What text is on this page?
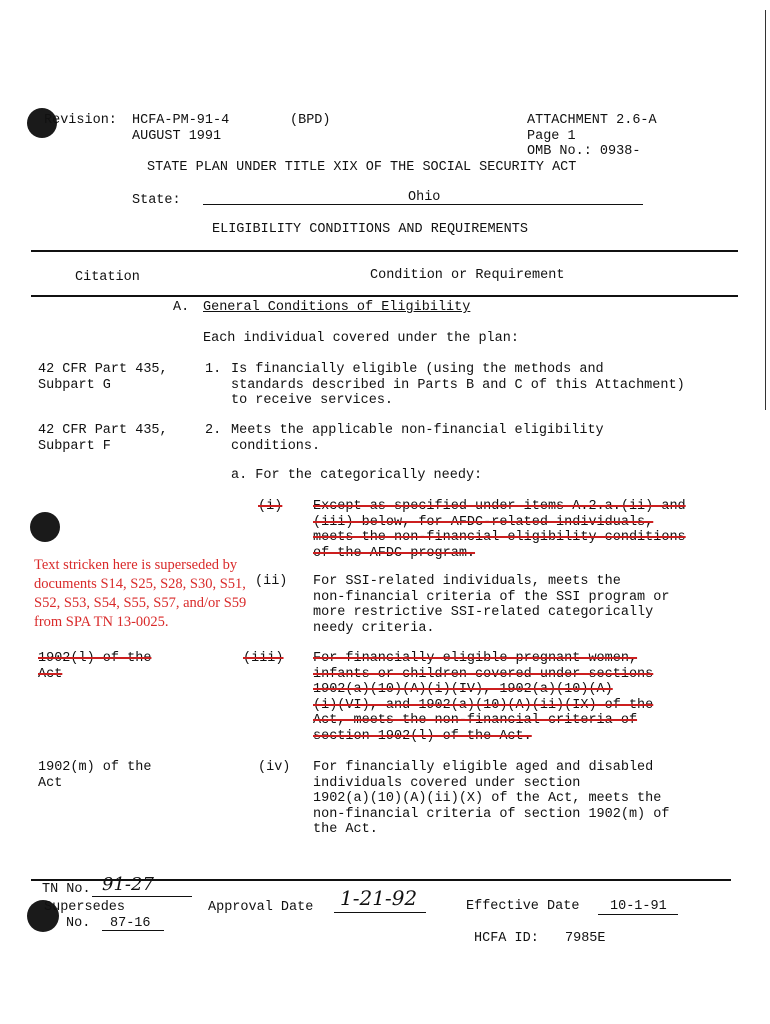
Revision: HCFA-PM-91-4	(BPD)
AUGUST 1991
ATTACHMENT 2.6-A
Page 1
OMB No.: 0938-
STATE PLAN UNDER TITLE XIX OF THE SOCIAL SECURITY ACT
State:	Ohio
ELIGIBILITY CONDITIONS AND REQUIREMENTS
Citation	Condition or Requirement
A. General Conditions of Eligibility
Each individual covered under the plan:
42 CFR Part 435,
Subpart G
1. Is financially eligible (using the methods and
standards described in Parts B and C of this Attachment)
to receive services.
42 CFR Part 435,
Subpart F
2. Meets the applicable non-financial eligibility
conditions.
a. For the categorically needy:
(i) Except as specified under items A.2.a.(ii) and
(iii) below, for AFDC-related individuals,
meets the non-financial eligibility conditions
of the AFDC program.
Text stricken here is superseded by
documents S14, S25, S28, S30, S51,
S52, S53, S54, S55, S57, and/or S59
from SPA TN 13-0025.
(ii) For SSI-related individuals, meets the
non-financial criteria of the SSI program or
more restrictive SSI-related categorically
needy criteria.
1902(l) of the
Act
(iii) For financially eligible pregnant women,
infants or children covered under sections
1902(a)(10)(A)(i)(IV), 1902(a)(10)(A)
(i)(VI), and 1902(a)(10)(A)(ii)(IX) of the
Act, meets the non-financial criteria of
section 1902(l) of the Act.
1902(m) of the
Act
(iv) For financially eligible aged and disabled
individuals covered under section
1902(a)(10)(A)(ii)(X) of the Act, meets the
non-financial criteria of section 1902(m) of
the Act.
TN No. 91-27
Supersedes
No. 87-16
Approval Date 1-21-92	Effective Date 10-1-91
HCFA ID: 7985E
